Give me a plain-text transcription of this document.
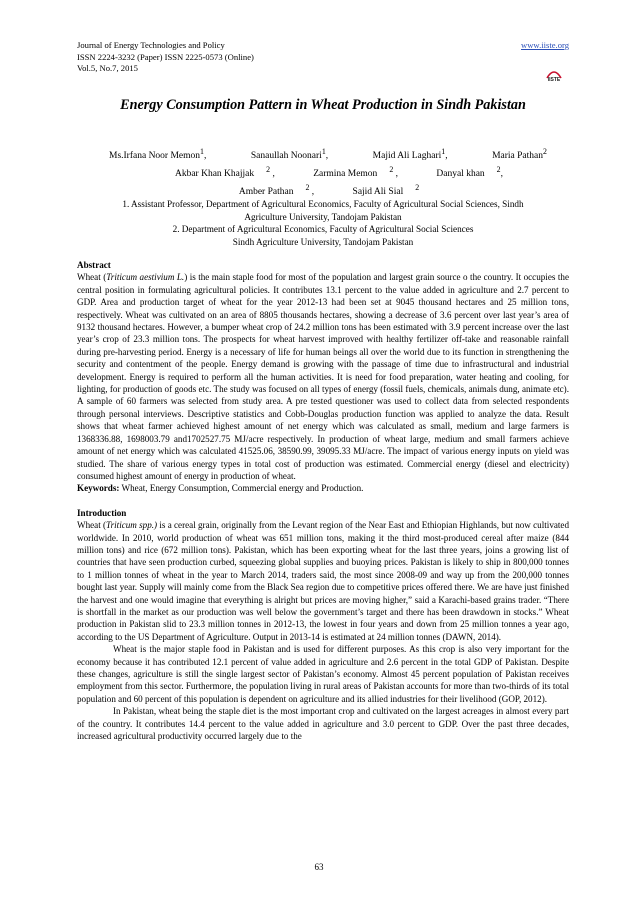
Journal of Energy Technologies and Policy
ISSN 2224-3232 (Paper) ISSN 2225-0573 (Online)
Vol.5, No.7, 2015
www.iiste.org
IISTE
Energy Consumption Pattern in Wheat Production in Sindh Pakistan
Ms.Irfana Noor Memon$^1$,	Sanaullah Noonari$^1$,	Majid Ali Laghari$^1$,	Maria Pathan$^2$
Akbar Khan Khajjak $^2$ ,	Zarmina Memon $^2$ ,	Danyal khan $^2$,
Amber Pathan $^2$ ,	Sajid Ali Sial $^2$
1. Assistant Professor, Department of Agricultural Economics, Faculty of Agricultural Social Sciences, Sindh
Agriculture University, Tandojam Pakistan
2. Department of Agricultural Economics, Faculty of Agricultural Social Sciences
Sindh Agriculture University, Tandojam Pakistan

Abstract

Wheat (Triticum aestivium L.) is the main staple food for most of the population and largest grain source o the country. It occupies the central position in formulating agricultural policies. It contributes 13.1 percent to the value added in agriculture and 2.7 percent to GDP. Area and production target of wheat for the year 2012-13 had been set at 9045 thousand hectares and 25 million tons, respectively. Wheat was cultivated on an area of 8805 thousands hectares, showing a decrease of 3.6 percent over last year’s area of 9132 thousand hectares. However, a bumper wheat crop of 24.2 million tons has been estimated with 3.9 percent increase over the last year’s crop of 23.3 million tons. The prospects for wheat harvest improved with healthy fertilizer off-take and reasonable rainfall during pre-harvesting period. Energy is a necessary of life for human beings all over the world due to its function in strengthening the security and contentment of the people. Energy demand is growing with the passage of time due to infrastructural and industrial development. Energy is required to perform all the human activities. It is need for food preparation, water heating and cooling, for lighting, for production of goods etc. The study was focused on all types of energy (fossil fuels, chemicals, animals dung, animate etc). A sample of 60 farmers was selected from study area. A pre tested questioner was used to collect data from selected respondents through personal interviews. Descriptive statistics and Cobb-Douglas production function was applied to analyze the data. Result shows that wheat farmer achieved highest amount of net energy which was calculated as small, medium and large farmers is 1368336.88, 1698003.79 and1702527.75 MJ/acre respectively. In production of wheat large, medium and small farmers achieve amount of net energy which was calculated 41525.06, 38590.99, 39095.33 MJ/acre. The impact of various energy inputs on yield was studied. The share of various energy types in total cost of production was estimated. Commercial energy (diesel and electricity) consumed highest amount of energy in production of wheat.

Keywords: Wheat, Energy Consumption, Commercial energy and Production.

Introduction

Wheat (Triticum spp.) is a cereal grain, originally from the Levant region of the Near East and Ethiopian Highlands, but now cultivated worldwide. In 2010, world production of wheat was 651 million tons, making it the third most-produced cereal after maize (844 million tons) and rice (672 million tons). Pakistan, which has been exporting wheat for the last three years, joins a growing list of countries that have seen production curbed, squeezing global supplies and buoying prices. Pakistan is likely to ship in 800,000 tonnes to 1 million tonnes of wheat in the year to March 2014, traders said, the most since 2008-09 and way up from the 200,000 tonnes bought last year. Supply will mainly come from the Black Sea region due to competitive prices offered there. We are have just finished the harvest and one would imagine that everything is alright but prices are moving higher,” said a Karachi-based grains trader. “There is shortfall in the market as our production was well below the government’s target and there has been drawdown in stocks.” Wheat production in Pakistan slid to 23.3 million tonnes in 2012-13, the lowest in four years and down from 25 million tonnes a year ago, according to the US Department of Agriculture. Output in 2013-14 is estimated at 24 million tonnes (DAWN, 2014).

Wheat is the major staple food in Pakistan and is used for different purposes. As this crop is also very important for the economy because it has contributed 12.1 percent of value added in agriculture and 2.6 percent in the total GDP of Pakistan. Despite these changes, agriculture is still the single largest sector of Pakistan’s economy. Almost 45 percent population of Pakistan receives employment from this sector. Furthermore, the population living in rural areas of Pakistan accounts for more than two-thirds of its total population and 60 percent of this population is dependent on agriculture and its allied industries for their livelihood (GOP, 2012).

In Pakistan, wheat being the staple diet is the most important crop and cultivated on the largest acreages in almost every part of the country. It contributes 14.4 percent to the value added in agriculture and 3.0 percent to GDP. Over the past three decades, increased agricultural productivity occurred largely due to the

63
